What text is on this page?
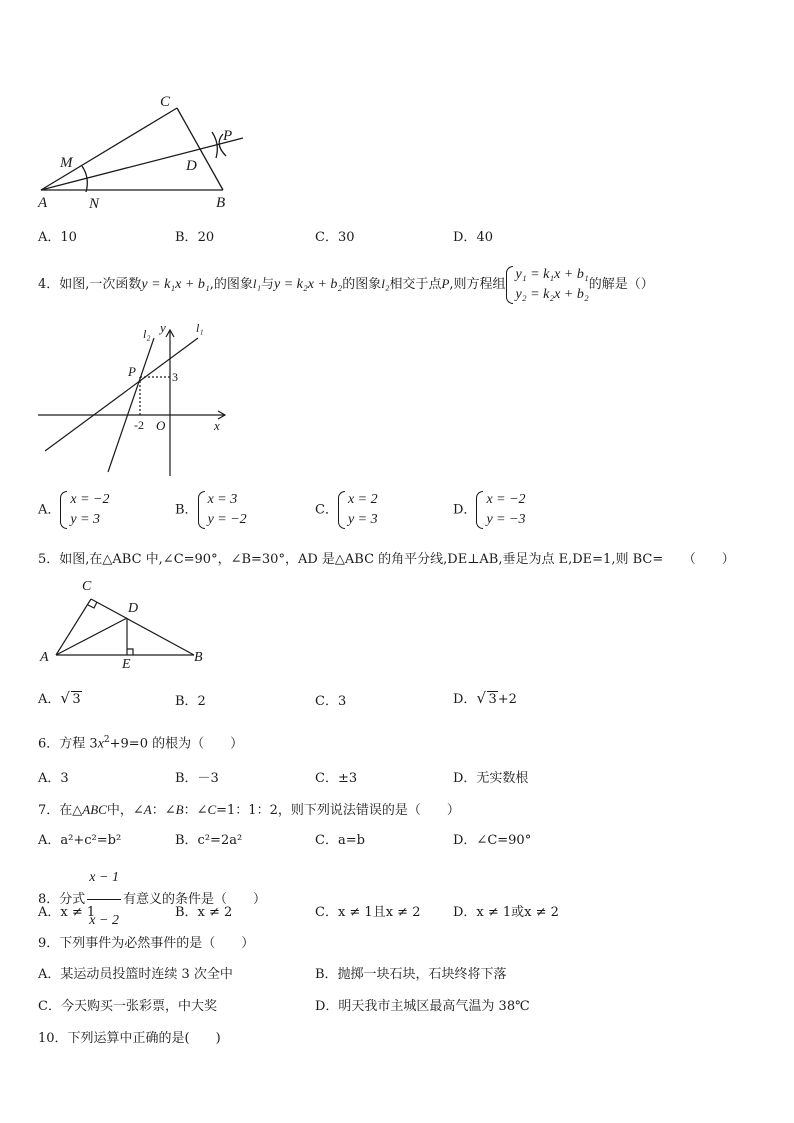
C
P
M	D
A	N	B
A．10	B．20	C．30	D．40
4．如图,一次函数y = k₁x + b₁,的图象l₁与y = k₂x + b₂的图象l₂相交于点P,则方程组
y₁ = k₁x + b₁
y₂ = k₂x + b₂
的解是（）
l₂ y	l₁
P	3
-2 O	x
A．
x = −2
y = 3
B．
x = 3
y = −2
C．
x = 2
y = 3
D．
x = −2
y = −3
5．如图,在△ABC 中,∠C=90°，∠B=30°，AD 是△ABC 的角平分线,DE⊥AB,垂足为点 E,DE=1,则 BC=　　（　　）
C
D
A	E	B
A． √ 3	B．2	C．3	D． √ 3+2
6．方程 $3x^2+9=0$ 的根为（　　）
A．3	B．－3	C．±3	D．无实数根
7．在△ABC中，∠A：∠B：∠C=1：1：2，则下列说法错误的是（　　）
A．a²+c²=b²	B．c²=2a²	C．a=b	D．∠C=90°
8．分式 $\frac{x - 1}{x - 2}$ 有意义的条件是（　　）
A．x ≠ 1	B．x ≠ 2	C．x ≠ 1且x ≠ 2	D．x ≠ 1或x ≠ 2
9．下列事件为必然事件的是（　　）
A．某运动员投篮时连续 3 次全中	B．抛掷一块石块，石块终将下落
C．今天购买一张彩票，中大奖	D．明天我市主城区最高气温为 38℃
10．下列运算中正确的是(　　)
